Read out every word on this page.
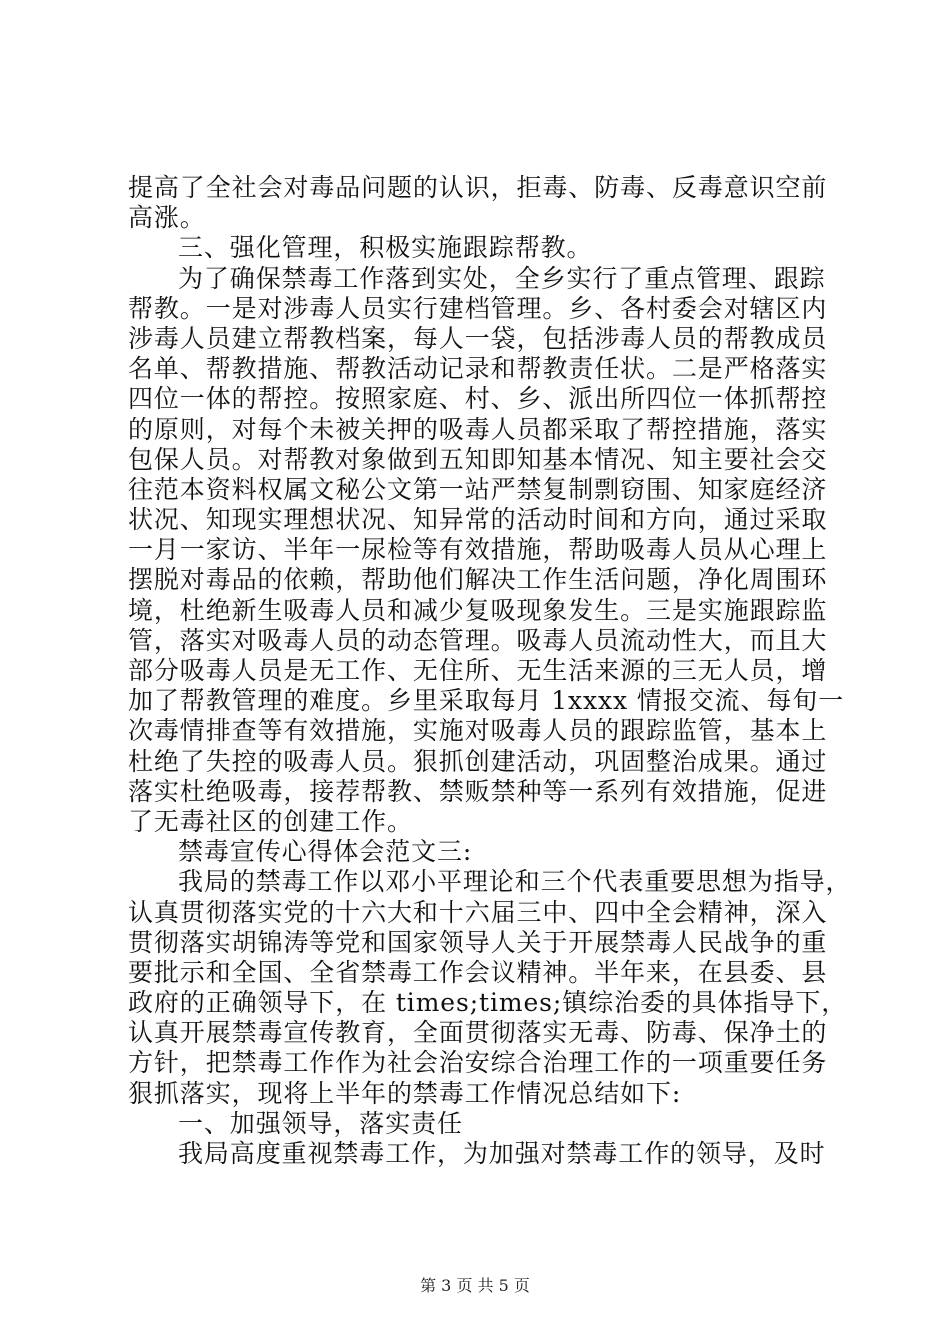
提高了全社会对毒品问题的认识，拒毒、防毒、反毒意识空前
高涨。
三、强化管理，积极实施跟踪帮教。
为了确保禁毒工作落到实处，全乡实行了重点管理、跟踪
帮教。一是对涉毒人员实行建档管理。乡、各村委会对辖区内
涉毒人员建立帮教档案，每人一袋，包括涉毒人员的帮教成员
名单、帮教措施、帮教活动记录和帮教责任状。二是严格落实
四位一体的帮控。按照家庭、村、乡、派出所四位一体抓帮控
的原则，对每个未被关押的吸毒人员都采取了帮控措施，落实
包保人员。对帮教对象做到五知即知基本情况、知主要社会交
往范本资料权属文秘公文第一站严禁复制剽窃围、知家庭经济
状况、知现实理想状况、知异常的活动时间和方向，通过采取
一月一家访、半年一尿检等有效措施，帮助吸毒人员从心理上
摆脱对毒品的依赖，帮助他们解决工作生活问题，净化周围环
境，杜绝新生吸毒人员和减少复吸现象发生。三是实施跟踪监
管，落实对吸毒人员的动态管理。吸毒人员流动性大，而且大
部分吸毒人员是无工作、无住所、无生活来源的三无人员，增
加了帮教管理的难度。乡里采取每月 1xxxx 情报交流、每旬一
次毒情排查等有效措施，实施对吸毒人员的跟踪监管，基本上
杜绝了失控的吸毒人员。狠抓创建活动，巩固整治成果。通过
落实杜绝吸毒，接荐帮教、禁贩禁种等一系列有效措施，促进
了无毒社区的创建工作。
禁毒宣传心得体会范文三:
我局的禁毒工作以邓小平理论和三个代表重要思想为指导，
认真贯彻落实党的十六大和十六届三中、四中全会精神，深入
贯彻落实胡锦涛等党和国家领导人关于开展禁毒人民战争的重
要批示和全国、全省禁毒工作会议精神。半年来，在县委、县
政府的正确领导下，在 times;times;镇综治委的具体指导下，
认真开展禁毒宣传教育，全面贯彻落实无毒、防毒、保净土的
方针，把禁毒工作作为社会治安综合治理工作的一项重要任务
狠抓落实，现将上半年的禁毒工作情况总结如下:
一、加强领导，落实责任
我局高度重视禁毒工作，为加强对禁毒工作的领导，及时
第 3 页 共 5 页
